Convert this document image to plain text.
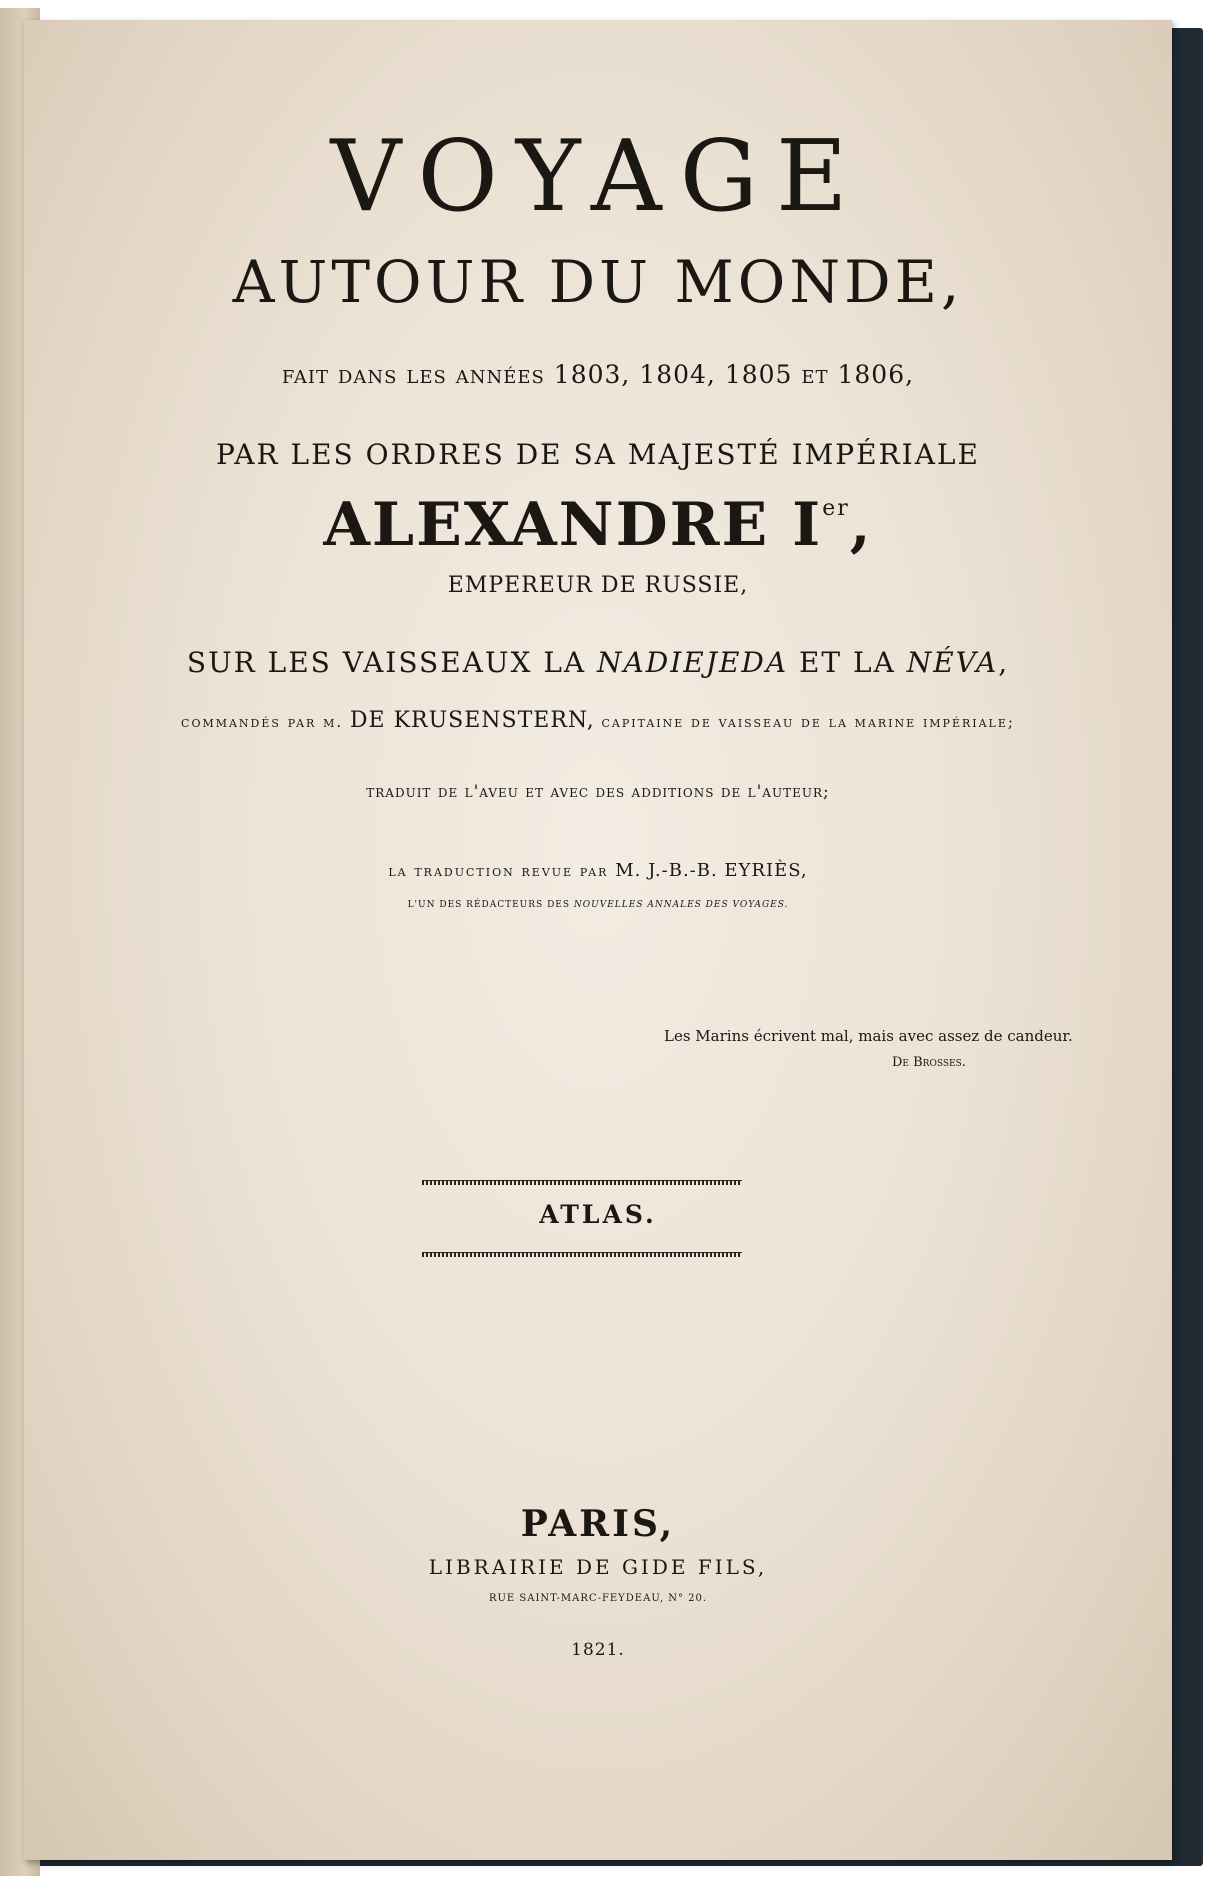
VOYAGE
AUTOUR DU MONDE,

fait dans les années 1803, 1804, 1805 et 1806,

PAR LES ORDRES DE SA MAJESTÉ IMPÉRIALE

ALEXANDRE Ier,

EMPEREUR DE RUSSIE,

SUR LES VAISSEAUX LA NADIEJEDA ET LA NÉVA,

commandés par m. DE KRUSENSTERN, capitaine de vaisseau de la marine impériale;

traduit de l'aveu et avec des additions de l'auteur;

la traduction revue par M. J.-B.-B. EYRIÈS,

L'UN DES RÉDACTEURS DES NOUVELLES ANNALES DES VOYAGES.

Les Marins écrivent mal, mais avec assez de candeur.

De Brosses.

ATLAS.

PARIS,

LIBRAIRIE DE GIDE FILS,

RUE SAINT-MARC-FEYDEAU, N° 20.

1821.
